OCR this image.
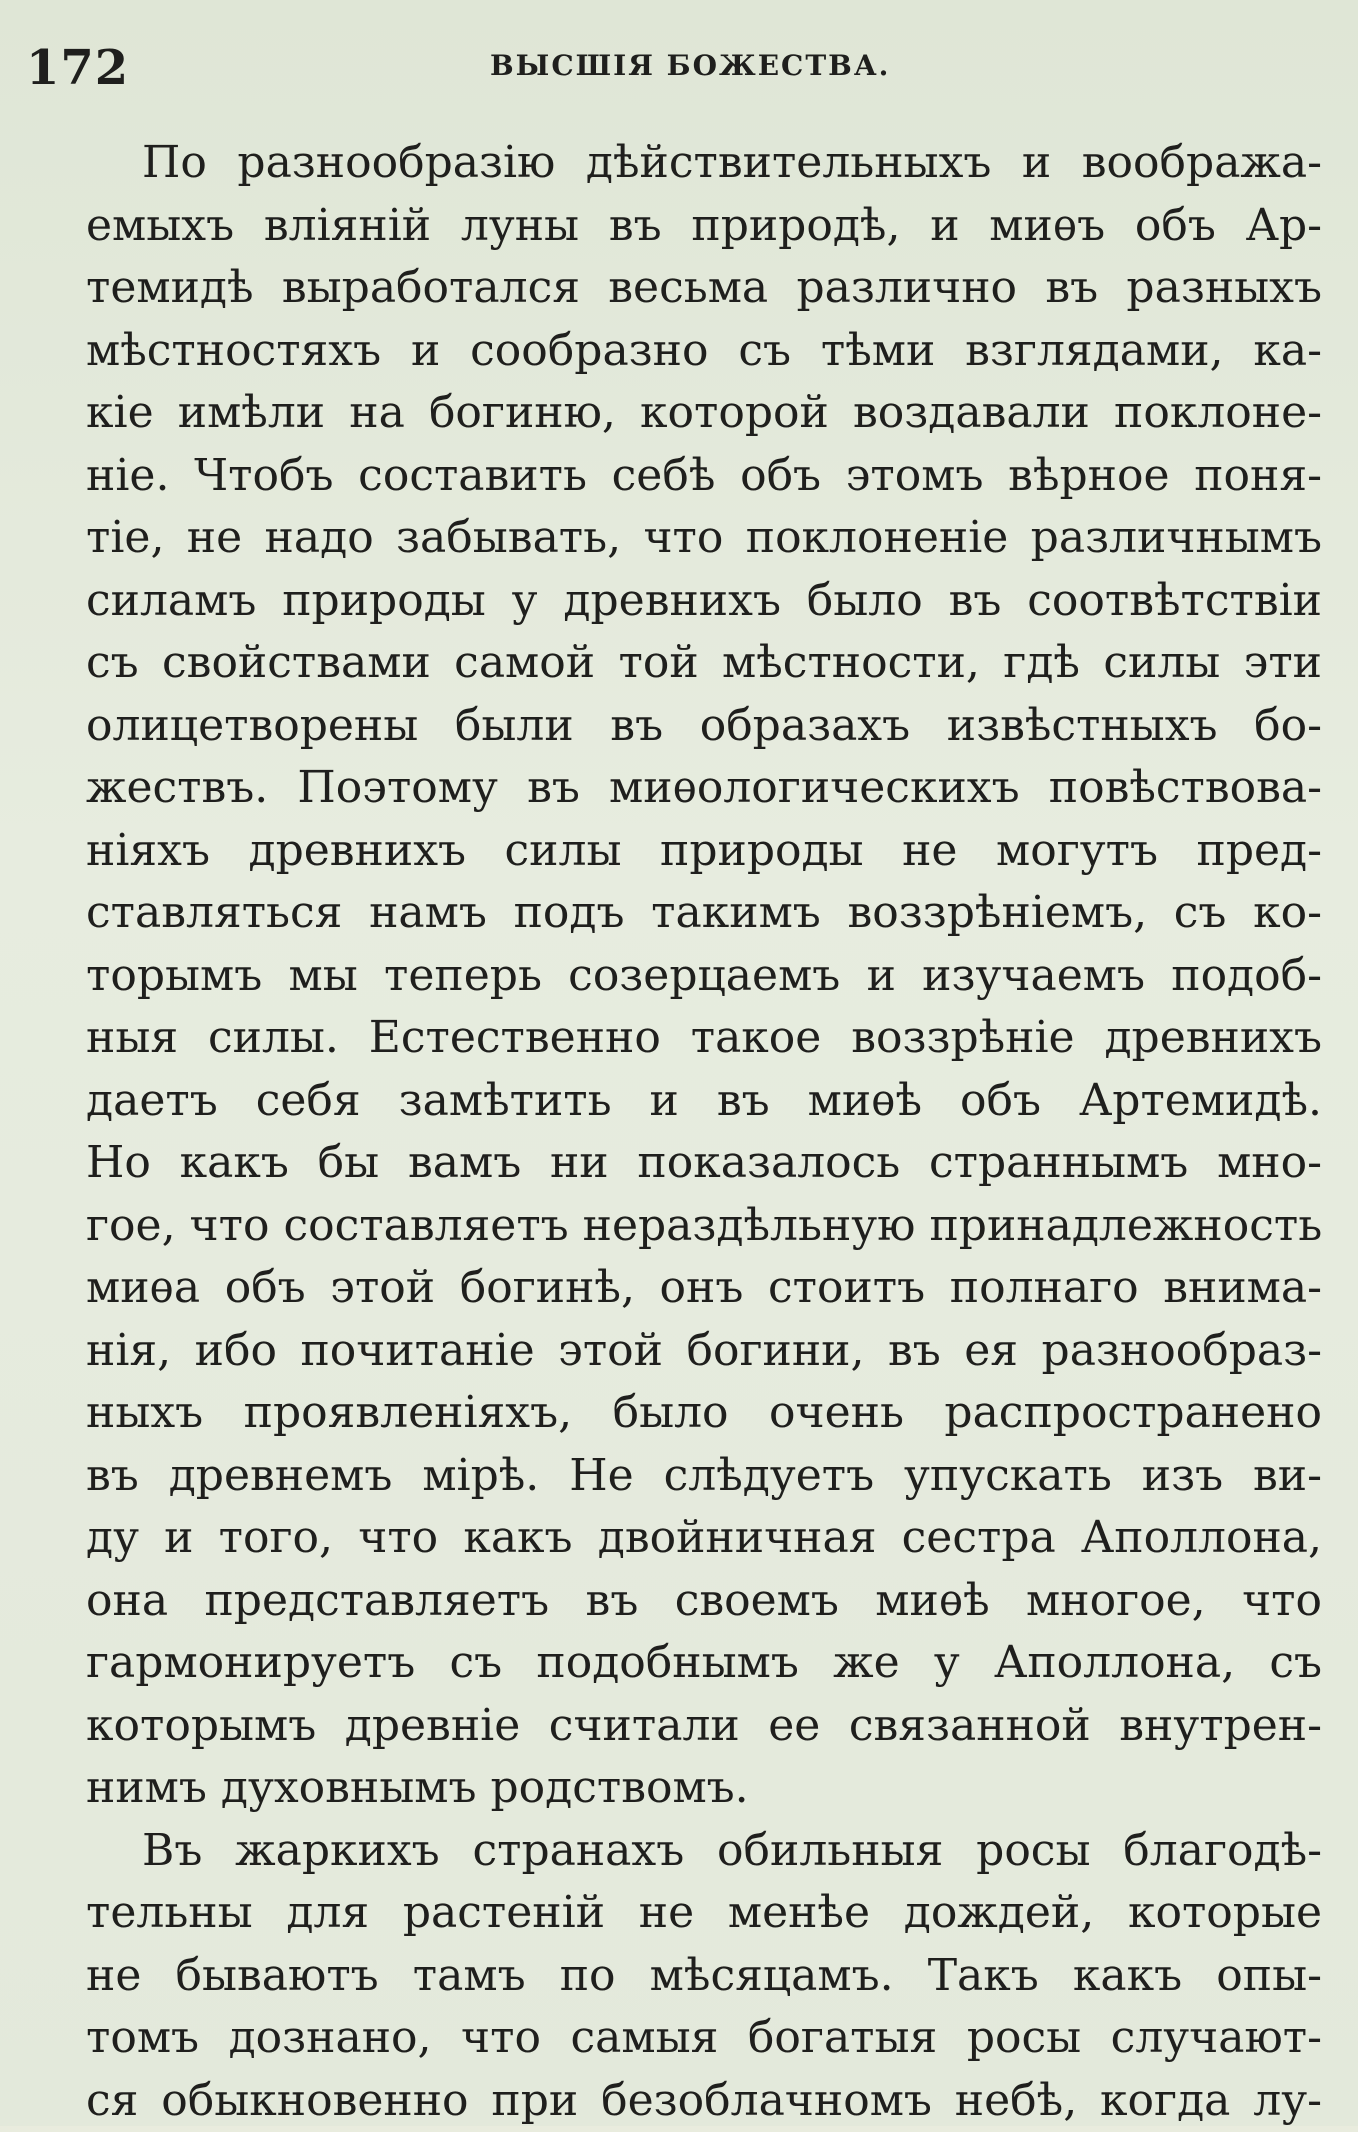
172	ВЫСШІЯ БОЖЕСТВА.
По разнообразію дѣйствительныхъ и вообража-
емыхъ вліяній луны въ природѣ, и миѳъ объ Ар-
темидѣ выработался весьма различно въ разныхъ
мѣстностяхъ и сообразно съ тѣми взглядами, ка-
кіе имѣли на богиню, которой воздавали поклоне-
ніе. Чтобъ составить себѣ объ этомъ вѣрное поня-
тіе, не надо забывать, что поклоненіе различнымъ
силамъ природы у древнихъ было въ соотвѣтствіи
съ свойствами самой той мѣстности, гдѣ силы эти
олицетворены были въ образахъ извѣстныхъ бо-
жествъ. Поэтому въ миѳологическихъ повѣствова-
ніяхъ древнихъ силы природы не могутъ пред-
ставляться намъ подъ такимъ воззрѣніемъ, съ ко-
торымъ мы теперь созерцаемъ и изучаемъ подоб-
ныя силы. Естественно такое воззрѣніе древнихъ
даетъ себя замѣтить и въ миѳѣ объ Артемидѣ.
Но какъ бы вамъ ни показалось страннымъ мно-
гое, что составляетъ нераздѣльную принадлежность
миѳа объ этой богинѣ, онъ стоитъ полнаго внима-
нія, ибо почитаніе этой богини, въ ея разнообраз-
ныхъ проявленіяхъ, было очень распространено
въ древнемъ мірѣ. Не слѣдуетъ упускать изъ ви-
ду и того, что какъ двойничная сестра Аполлона,
она представляетъ въ своемъ миѳѣ многое, что
гармонируетъ съ подобнымъ же у Аполлона, съ
которымъ древніе считали ее связанной внутрен-
нимъ духовнымъ родствомъ.
Въ жаркихъ странахъ обильныя росы благодѣ-
тельны для растеній не менѣе дождей, которые
не бываютъ тамъ по мѣсяцамъ. Такъ какъ опы-
томъ дознано, что самыя богатыя росы случают-
ся обыкновенно при безоблачномъ небѣ, когда лу-
